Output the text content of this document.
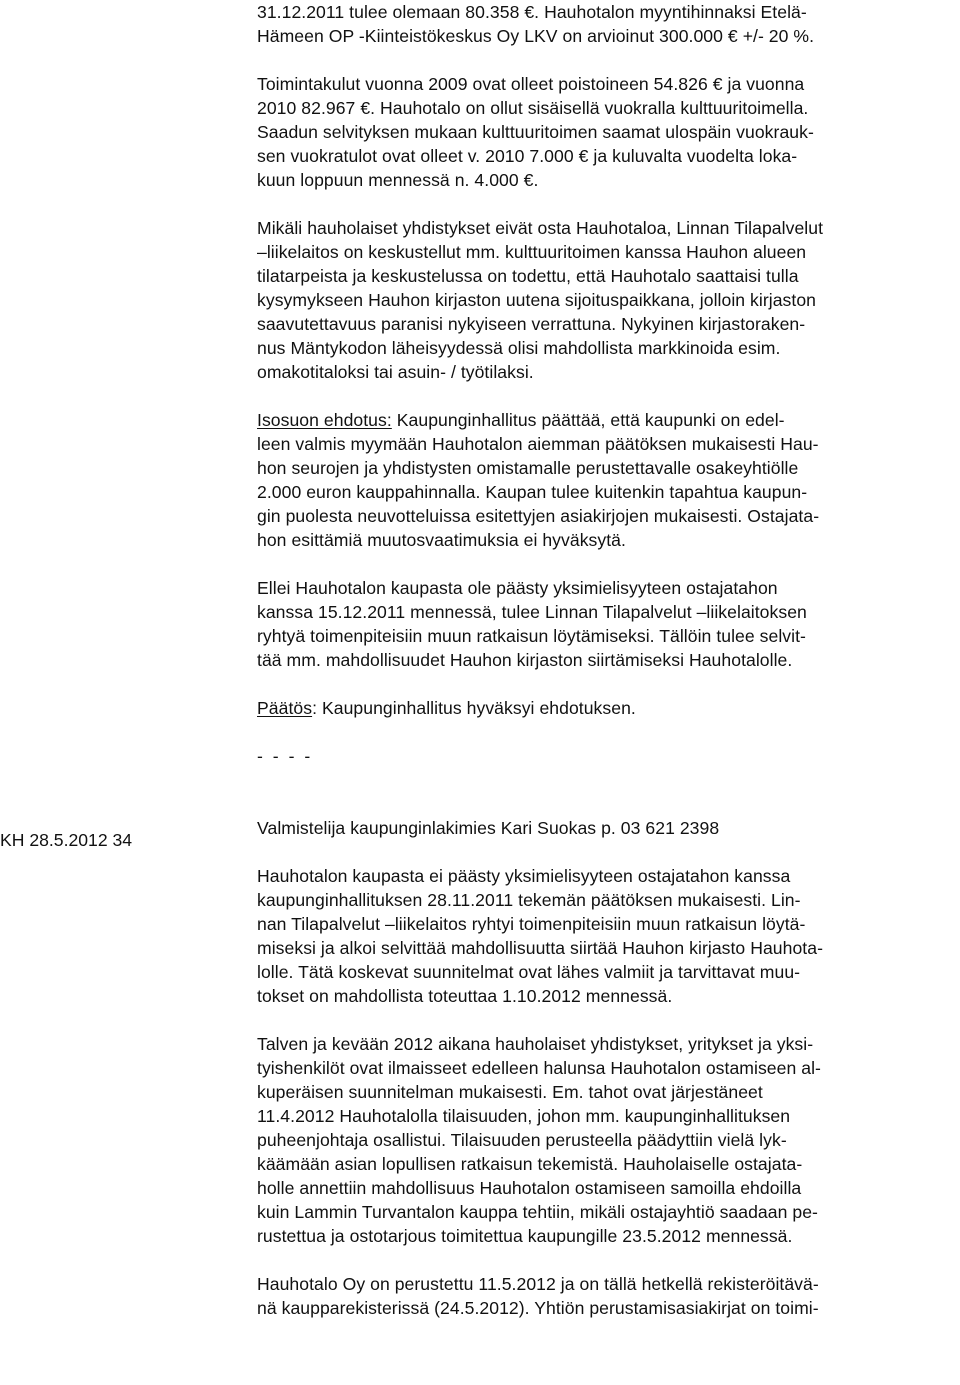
KH 28.5.2012 34
31.12.2011 tulee olemaan 80.358 €. Hauhotalon myyntihinnaksi Etelä-
Hämeen OP -Kiinteistökeskus Oy LKV on arvioinut 300.000 € +/- 20 %.
Toimintakulut vuonna 2009 ovat olleet poistoineen 54.826 € ja vuonna
2010 82.967 €. Hauhotalo on ollut sisäisellä vuokralla kulttuuritoimella.
Saadun selvityksen mukaan kulttuuritoimen saamat ulospäin vuokrauk-
sen vuokratulot ovat olleet v. 2010 7.000 € ja kuluvalta vuodelta loka-
kuun loppuun mennessä n. 4.000 €.
Mikäli hauholaiset yhdistykset eivät osta Hauhotaloa, Linnan Tilapalvelut
–liikelaitos on keskustellut mm. kulttuuritoimen kanssa Hauhon alueen
tilatarpeista ja keskustelussa on todettu, että Hauhotalo saattaisi tulla
kysymykseen Hauhon kirjaston uutena sijoituspaikkana, jolloin kirjaston
saavutettavuus paranisi nykyiseen verrattuna. Nykyinen kirjastoraken-
nus Mäntykodon läheisyydessä olisi mahdollista markkinoida esim.
omakotitaloksi tai asuin- / työtilaksi.
Isosuon ehdotus: Kaupunginhallitus päättää, että kaupunki on edel-
leen valmis myymään Hauhotalon aiemman päätöksen mukaisesti Hau-
hon seurojen ja yhdistysten omistamalle perustettavalle osakeyhtiölle
2.000 euron kauppahinnalla. Kaupan tulee kuitenkin tapahtua kaupun-
gin puolesta neuvotteluissa esitettyjen asiakirjojen mukaisesti. Ostajata-
hon esittämiä muutosvaatimuksia ei hyväksytä.
Ellei Hauhotalon kaupasta ole päästy yksimielisyyteen ostajatahon
kanssa 15.12.2011 mennessä, tulee Linnan Tilapalvelut –liikelaitoksen
ryhtyä toimenpiteisiin muun ratkaisun löytämiseksi. Tällöin tulee selvit-
tää mm. mahdollisuudet Hauhon kirjaston siirtämiseksi Hauhotalolle.
Päätös: Kaupunginhallitus hyväksyi ehdotuksen.
-  -  -  -
Valmistelija kaupunginlakimies Kari Suokas p. 03 621 2398
Hauhotalon kaupasta ei päästy yksimielisyyteen ostajatahon kanssa
kaupunginhallituksen 28.11.2011 tekemän päätöksen mukaisesti. Lin-
nan Tilapalvelut –liikelaitos ryhtyi toimenpiteisiin muun ratkaisun löytä-
miseksi ja alkoi selvittää mahdollisuutta siirtää Hauhon kirjasto Hauhota-
lolle. Tätä koskevat suunnitelmat ovat lähes valmiit ja tarvittavat muu-
tokset on mahdollista toteuttaa 1.10.2012 mennessä.
Talven ja kevään 2012 aikana hauholaiset yhdistykset, yritykset ja yksi-
tyishenkilöt ovat ilmaisseet edelleen halunsa Hauhotalon ostamiseen al-
kuperäisen suunnitelman mukaisesti. Em. tahot ovat järjestäneet
11.4.2012 Hauhotalolla tilaisuuden, johon mm. kaupunginhallituksen
puheenjohtaja osallistui. Tilaisuuden perusteella päädyttiin vielä lyk-
käämään asian lopullisen ratkaisun tekemistä. Hauholaiselle ostajata-
holle annettiin mahdollisuus Hauhotalon ostamiseen samoilla ehdoilla
kuin Lammin Turvantalon kauppa tehtiin, mikäli ostajayhtiö saadaan pe-
rustettua ja ostotarjous toimitettua kaupungille 23.5.2012 mennessä.
Hauhotalo Oy on perustettu 11.5.2012 ja on tällä hetkellä rekisteröitävä-
nä kaupparekisterissä (24.5.2012). Yhtiön perustamisasiakirjat on toimi-
